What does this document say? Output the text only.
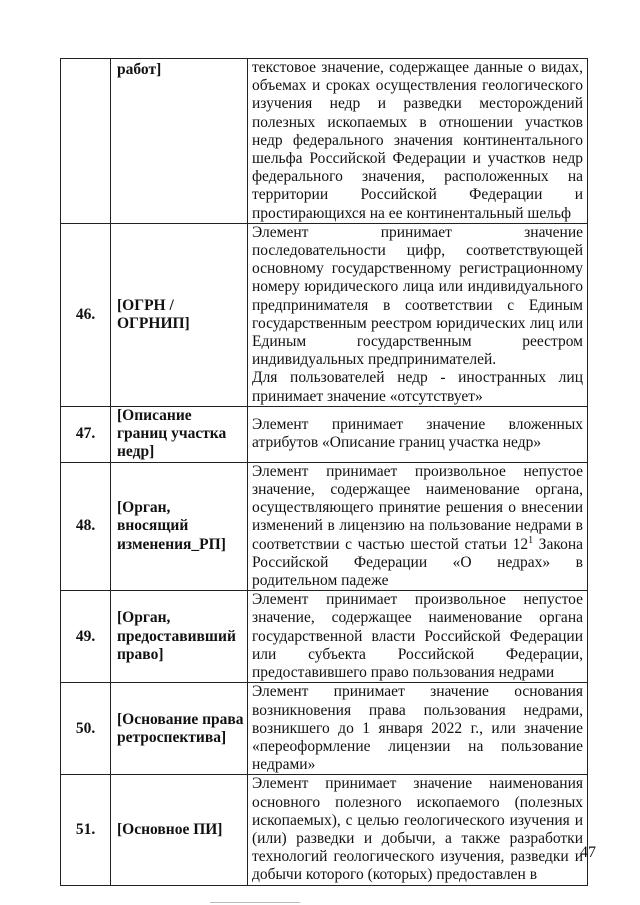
	работ]	текстовое значение, содержащее данные о видах, объемах и сроках осуществления геологического изучения недр и разведки месторождений полезных ископаемых в отношении участков недр федерального значения континентального шельфа Российской Федерации и участков недр федерального значения, расположенных на территории Российской Федерации и простирающихся на ее континентальный шельф

46.	[ОГРН / ОГРНИП]	Элемент принимает значение последовательности цифр, соответствующей основному государственному регистрационному номеру юридического лица или индивидуального предпринимателя в соответствии с Единым государственным реестром юридических лиц или Единым государственным реестром индивидуальных предпринимателей.

Для пользователей недр - иностранных лиц принимает значение «отсутствует»

47.	[Описание границ участка недр]	Элемент принимает значение вложенных атрибутов «Описание границ участка недр»

48.	[Орган, вносящий изменения_РП]	Элемент принимает произвольное непустое значение, содержащее наименование органа, осуществляющего принятие решения о внесении изменений в лицензию на пользование недрами в соответствии с частью шестой статьи $12^1$ Закона Российской Федерации «О недрах» в родительном падеже

49.	[Орган, предоставивший право]	Элемент принимает произвольное непустое значение, содержащее наименование органа государственной власти Российской Федерации или субъекта Российской Федерации, предоставившего право пользования недрами

50.	[Основание права ретроспектива]	Элемент принимает значение основания возникновения права пользования недрами, возникшего до 1 января 2022 г., или значение «переоформление лицензии на пользование недрами»

51.	[Основное ПИ]	Элемент принимает значение наименования основного полезного ископаемого (полезных ископаемых), с целью геологического изучения и (или) разведки и добычи, а также разработки технологий геологического изучения, разведки и добычи которого (которых) предоставлен в

47
